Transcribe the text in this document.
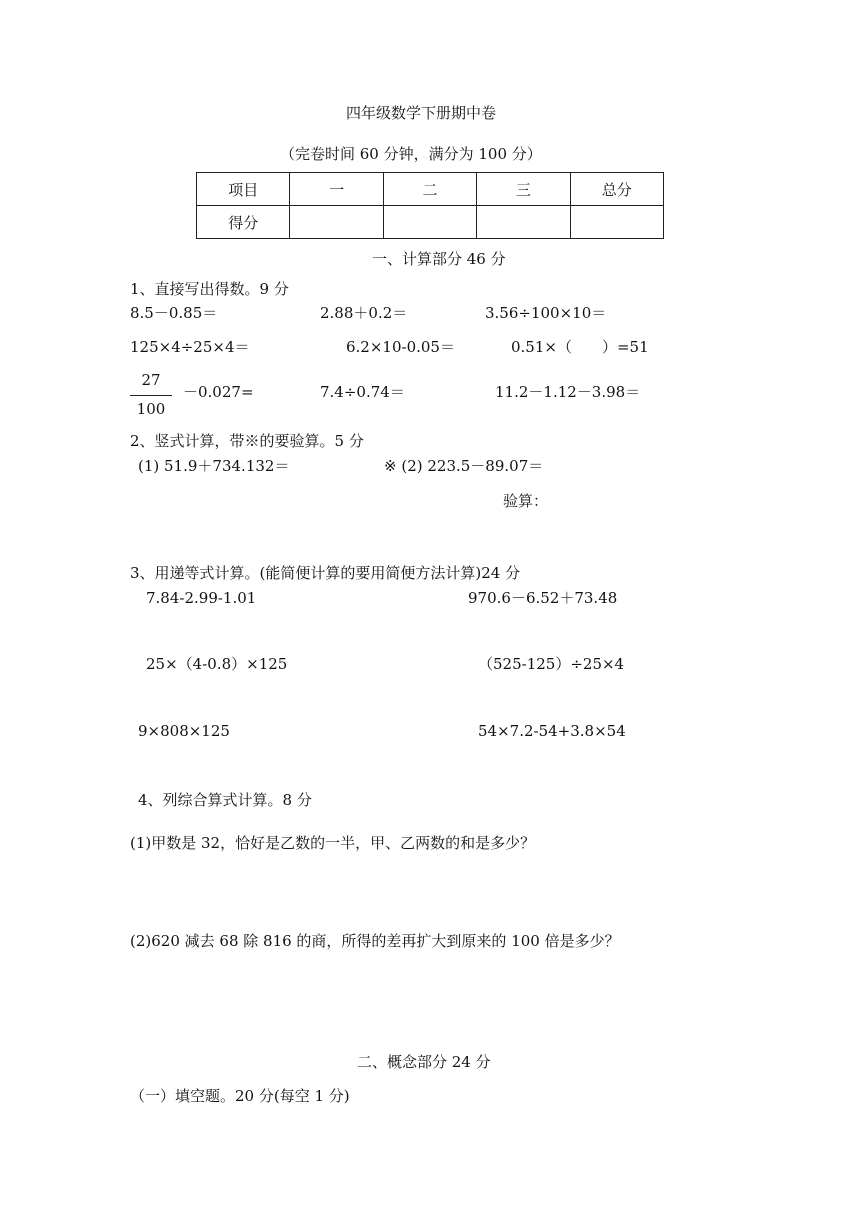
四年级数学下册期中卷
（完卷时间 60 分钟，满分为 100 分）
项目	一	二	三	总分
得分				
一、计算部分 46 分
1、直接写出得数。9 分
8.5－0.85＝	2.88＋0.2＝	3.56÷100×10＝
125×4÷25×4＝	6.2×10-0.05＝	0.51×（　　）=51
27
100
－0.027=	7.4÷0.74＝	11.2－1.12－3.98＝
2、竖式计算，带※的要验算。5 分
(1) 51.9＋734.132＝	※ (2) 223.5－89.07＝
验算：
3、用递等式计算。(能简便计算的要用简便方法计算)24 分
7.84-2.99-1.01	970.6－6.52＋73.48
25×（4-0.8）×125	（525-125）÷25×4
9×808×125	54×7.2-54+3.8×54
4、列综合算式计算。8 分
(1)甲数是 32，恰好是乙数的一半，甲、乙两数的和是多少？
(2)620 减去 68 除 816 的商，所得的差再扩大到原来的 100 倍是多少？
二、概念部分 24 分
（一）填空题。20 分(每空 1 分)
